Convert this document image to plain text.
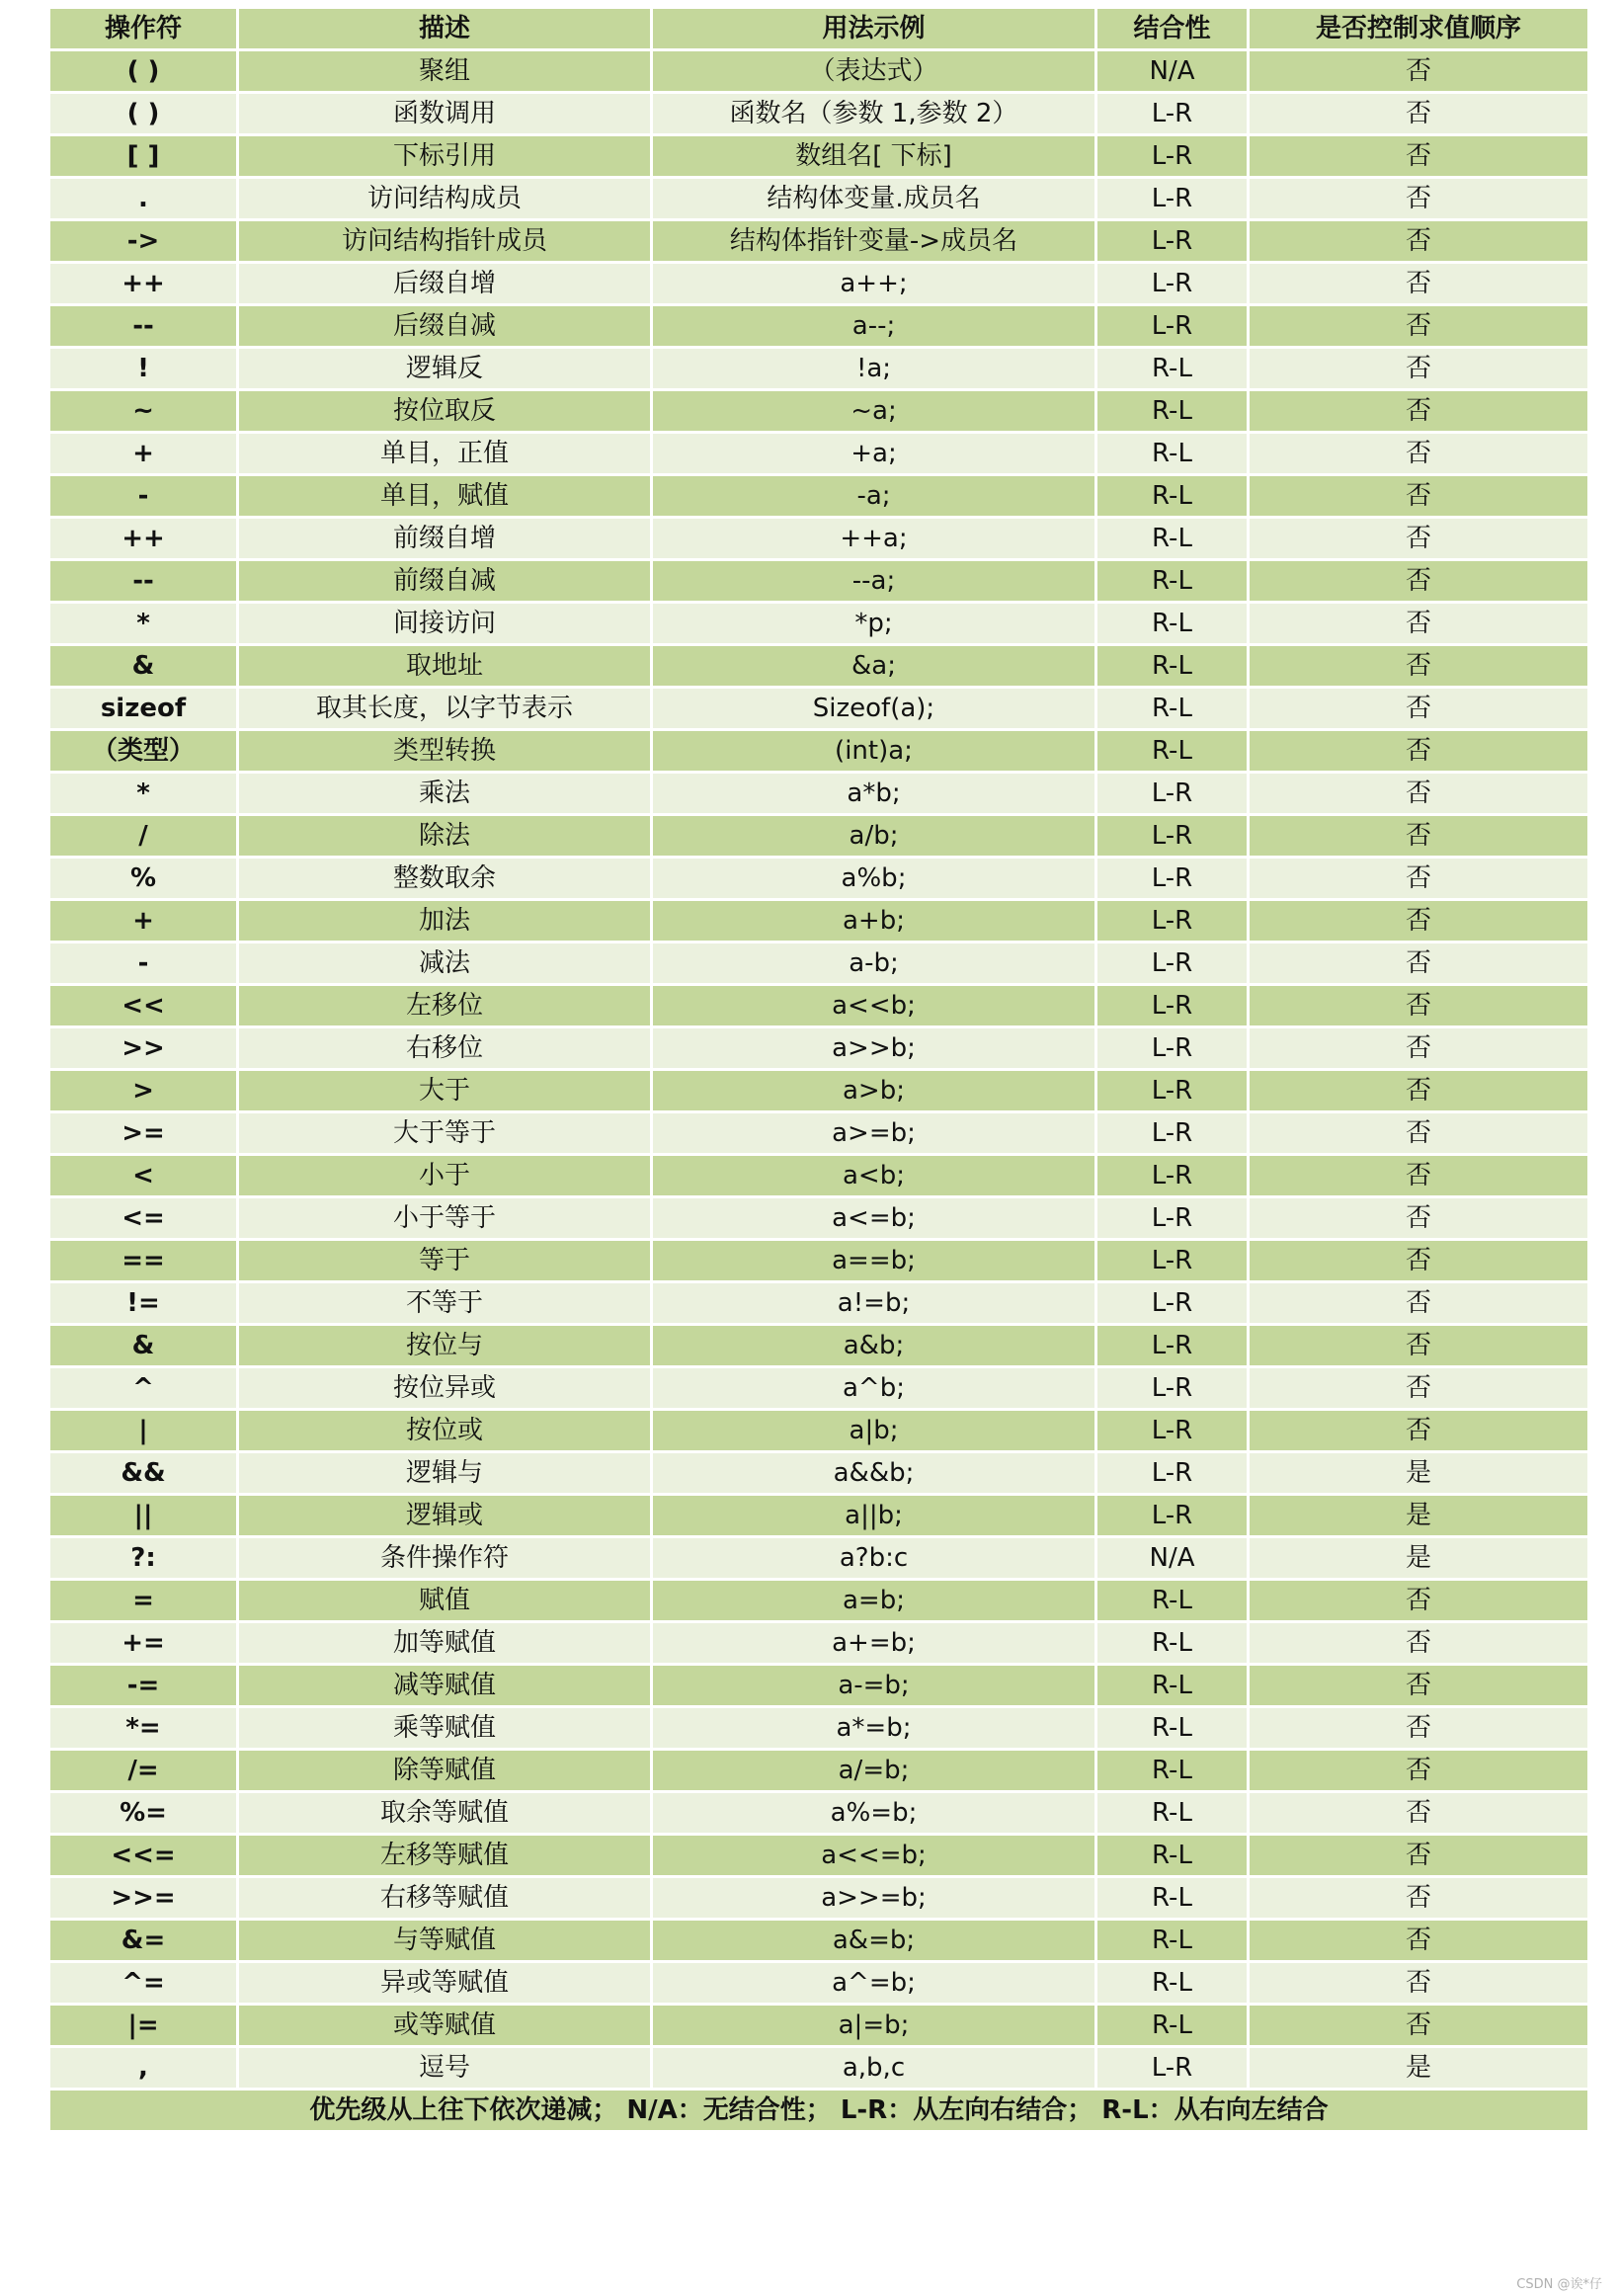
操作符	描述	用法示例	结合性	是否控制求值顺序
( )	聚组	（表达式）	N/A	否
( )	函数调用	函数名（参数 1,参数 2）	L-R	否
[ ]	下标引用	数组名[ 下标]	L-R	否
.	访问结构成员	结构体变量.成员名	L-R	否
->	访问结构指针成员	结构体指针变量->成员名	L-R	否
++	后缀自增	a++;	L-R	否
--	后缀自减	a--;	L-R	否
!	逻辑反	!a;	R-L	否
~	按位取反	~a;	R-L	否
+	单目，正值	+a;	R-L	否
-	单目，赋值	-a;	R-L	否
++	前缀自增	++a;	R-L	否
--	前缀自减	--a;	R-L	否
*	间接访问	*p;	R-L	否
&	取地址	&a;	R-L	否
sizeof	取其长度，以字节表示	Sizeof(a);	R-L	否
（类型）	类型转换	(int)a;	R-L	否
*	乘法	a*b;	L-R	否
/	除法	a/b;	L-R	否
%	整数取余	a%b;	L-R	否
+	加法	a+b;	L-R	否
-	减法	a-b;	L-R	否
<<	左移位	a<<b;	L-R	否
>>	右移位	a>>b;	L-R	否
>	大于	a>b;	L-R	否
>=	大于等于	a>=b;	L-R	否
<	小于	a<b;	L-R	否
<=	小于等于	a<=b;	L-R	否
==	等于	a==b;	L-R	否
!=	不等于	a!=b;	L-R	否
&	按位与	a&b;	L-R	否
^	按位异或	a^b;	L-R	否
|	按位或	a|b;	L-R	否
&&	逻辑与	a&&b;	L-R	是
||	逻辑或	a||b;	L-R	是
?:	条件操作符	a?b:c	N/A	是
=	赋值	a=b;	R-L	否
+=	加等赋值	a+=b;	R-L	否
-=	减等赋值	a-=b;	R-L	否
*=	乘等赋值	a*=b;	R-L	否
/=	除等赋值	a/=b;	R-L	否
%=	取余等赋值	a%=b;	R-L	否
<<=	左移等赋值	a<<=b;	R-L	否
>>=	右移等赋值	a>>=b;	R-L	否
&=	与等赋值	a&=b;	R-L	否
^=	异或等赋值	a^=b;	R-L	否
|=	或等赋值	a|=b;	R-L	否
,	逗号	a,b,c	L-R	是
优先级从上往下依次递减； N/A：无结合性； L-R：从左向右结合； R-L：从右向左结合				
CSDN @诶*仔
